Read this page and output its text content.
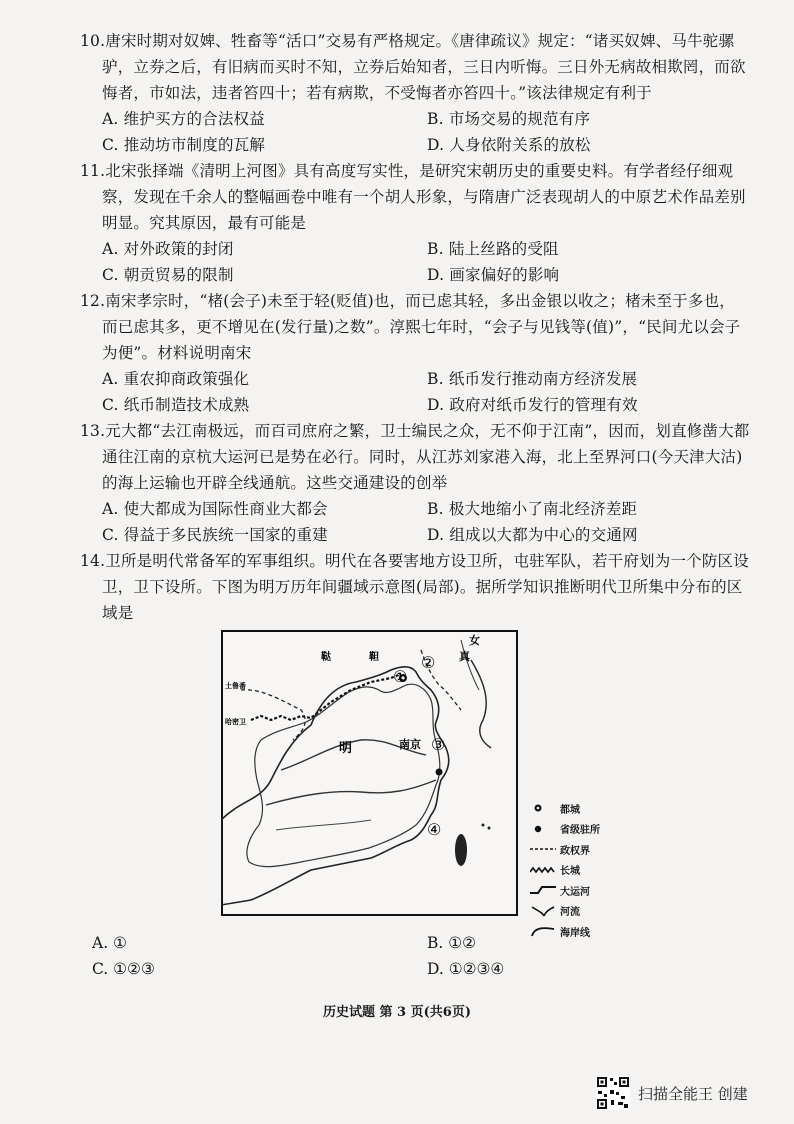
10.唐宋时期对奴婢、牲畜等“活口”交易有严格规定。《唐律疏议》规定：“诸买奴婢、马牛驼骡驴，立券之后，有旧病而买时不知，立券后始知者，三日内听悔。三日外无病故相欺罔，而欲悔者，市如法，违者笞四十；若有病欺，不受悔者亦笞四十。”该法律规定有利于

A. 维护买方的合法权益	B. 市场交易的规范有序
C. 推动坊市制度的瓦解	D. 人身依附关系的放松

11.北宋张择端《清明上河图》具有高度写实性，是研究宋朝历史的重要史料。有学者经仔细观察，发现在千余人的整幅画卷中唯有一个胡人形象，与隋唐广泛表现胡人的中原艺术作品差别明显。究其原因，最有可能是

A. 对外政策的封闭	B. 陆上丝路的受阻
C. 朝贡贸易的限制	D. 画家偏好的影响

12.南宋孝宗时，“楮(会子)未至于轻(贬值)也，而已虑其轻，多出金银以收之；楮未至于多也，而已虑其多，更不增见在(发行量)之数”。淳熙七年时，“会子与见钱等(值)”，“民间尤以会子为便”。材料说明南宋

A. 重农抑商政策强化	B. 纸币发行推动南方经济发展
C. 纸币制造技术成熟	D. 政府对纸币发行的管理有效

13.元大都“去江南极远，而百司庶府之繁，卫士编民之众，无不仰于江南”，因而，划直修凿大都通往江南的京杭大运河已是势在必行。同时，从江苏刘家港入海，北上至界河口(今天津大沽)的海上运输也开辟全线通航。这些交通建设的创举

A. 使大都成为国际性商业大都会	B. 极大地缩小了南北经济差距
C. 得益于多民族统一国家的重建	D. 组成以大都为中心的交通网

14.卫所是明代常备军的军事组织。明代在各要害地方设卫所，屯驻军队，若干府划为一个防区设卫，卫下设所。下图为明万历年间疆域示意图(局部)。据所学知识推断明代卫所集中分布的区域是

鞑	靼
女
真
土鲁番
哈密卫
明	南京
①
②
③
④
都城
省级驻所
政权界
长城
大运河
河流
海岸线
A. ①	B. ①②
C. ①②③	D. ①②③④
历史试题 第 3 页(共6页)
扫描全能王 创建
